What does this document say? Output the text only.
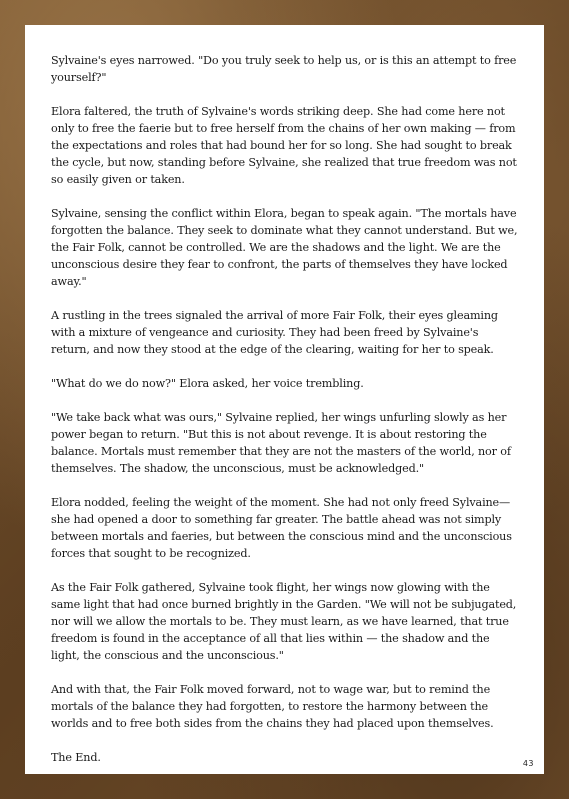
Sylvaine's eyes narrowed. "Do you truly seek to help us, or is this an attempt to free yourself?"

Elora faltered, the truth of Sylvaine's words striking deep. She had come here not only to free the faerie but to free herself from the chains of her own making — from the expectations and roles that had bound her for so long. She had sought to break the cycle, but now, standing before Sylvaine, she realized that true freedom was not so easily given or taken.

Sylvaine, sensing the conflict within Elora, began to speak again. "The mortals have forgotten the balance. They seek to dominate what they cannot understand. But we, the Fair Folk, cannot be controlled. We are the shadows and the light. We are the unconscious desire they fear to confront, the parts of themselves they have locked away."

A rustling in the trees signaled the arrival of more Fair Folk, their eyes gleaming with a mixture of vengeance and curiosity. They had been freed by Sylvaine's return, and now they stood at the edge of the clearing, waiting for her to speak.

"What do we do now?" Elora asked, her voice trembling.

"We take back what was ours," Sylvaine replied, her wings unfurling slowly as her power began to return. "But this is not about revenge. It is about restoring the balance. Mortals must remember that they are not the masters of the world, nor of themselves. The shadow, the unconscious, must be acknowledged."

Elora nodded, feeling the weight of the moment. She had not only freed Sylvaine— she had opened a door to something far greater. The battle ahead was not simply between mortals and faeries, but between the conscious mind and the unconscious forces that sought to be recognized.

As the Fair Folk gathered, Sylvaine took flight, her wings now glowing with the same light that had once burned brightly in the Garden. "We will not be subjugated, nor will we allow the mortals to be. They must learn, as we have learned, that true freedom is found in the acceptance of all that lies within — the shadow and the light, the conscious and the unconscious."

And with that, the Fair Folk moved forward, not to wage war, but to remind the mortals of the balance they had forgotten, to restore the harmony between the worlds and to free both sides from the chains they had placed upon themselves.

The End.	43
